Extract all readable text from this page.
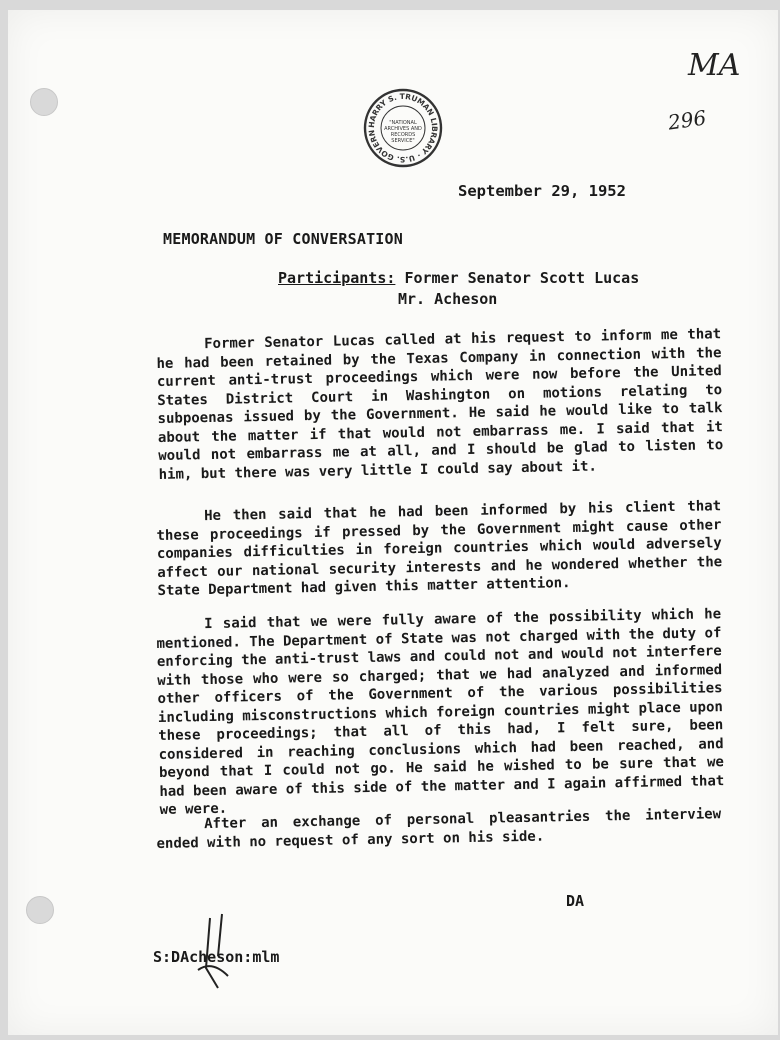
MA
296
HARRY S. TRUMAN LIBRARY · U.S. GOVERN
"NATIONAL
ARCHIVES AND
RECORDS
SERVICE"
September 29, 1952
MEMORANDUM OF CONVERSATION
Participants: Former Senator Scott Lucas
Mr. Acheson
Former Senator Lucas called at his request to inform me that he had been retained by the Texas Company in connection with the current anti-trust proceedings which were now before the United States District Court in Washington on motions relating to subpoenas issued by the Government. He said he would like to talk about the matter if that would not embarrass me. I said that it would not embarrass me at all, and I should be glad to listen to him, but there was very little I could say about it.
He then said that he had been informed by his client that these proceedings if pressed by the Government might cause other companies difficulties in foreign countries which would adversely affect our national security interests and he wondered whether the State Department had given this matter attention.
I said that we were fully aware of the possibility which he mentioned. The Department of State was not charged with the duty of enforcing the anti-trust laws and could not and would not interfere with those who were so charged; that we had analyzed and informed other officers of the Government of the various possibilities including misconstructions which foreign countries might place upon these proceedings; that all of this had, I felt sure, been considered in reaching conclusions which had been reached, and beyond that I could not go. He said he wished to be sure that we had been aware of this side of the matter and I again affirmed that we were.
After an exchange of personal pleasantries the interview ended with no request of any sort on his side.
DA
S:DAcheson:mlm
